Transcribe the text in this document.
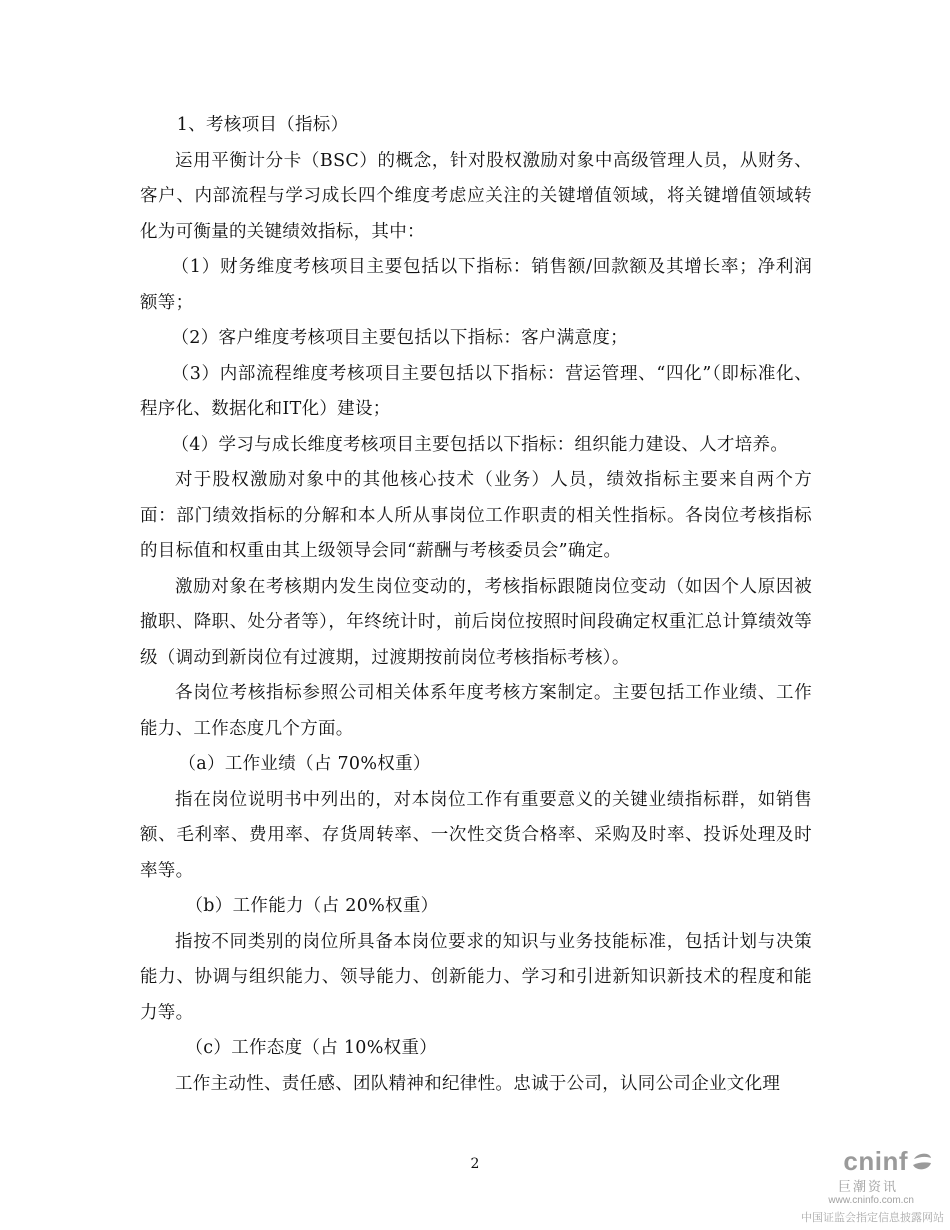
1、考核项目（指标）

运用平衡计分卡（BSC）的概念，针对股权激励对象中高级管理人员，从财务、客户、内部流程与学习成长四个维度考虑应关注的关键增值领域，将关键增值领域转化为可衡量的关键绩效指标，其中：

（1）财务维度考核项目主要包括以下指标：销售额/回款额及其增长率；净利润额等；

（2）客户维度考核项目主要包括以下指标：客户满意度；

（3）内部流程维度考核项目主要包括以下指标：营运管理、“四化”（即标准化、程序化、数据化和IT化）建设；

（4）学习与成长维度考核项目主要包括以下指标：组织能力建设、人才培养。

对于股权激励对象中的其他核心技术（业务）人员，绩效指标主要来自两个方面：部门绩效指标的分解和本人所从事岗位工作职责的相关性指标。各岗位考核指标的目标值和权重由其上级领导会同“薪酬与考核委员会”确定。

激励对象在考核期内发生岗位变动的，考核指标跟随岗位变动（如因个人原因被撤职、降职、处分者等），年终统计时，前后岗位按照时间段确定权重汇总计算绩效等级（调动到新岗位有过渡期，过渡期按前岗位考核指标考核）。

各岗位考核指标参照公司相关体系年度考核方案制定。主要包括工作业绩、工作能力、工作态度几个方面。

（a）工作业绩（占 70%权重）

指在岗位说明书中列出的，对本岗位工作有重要意义的关键业绩指标群，如销售额、毛利率、费用率、存货周转率、一次性交货合格率、采购及时率、投诉处理及时率等。

（b）工作能力（占 20%权重）

指按不同类别的岗位所具备本岗位要求的知识与业务技能标准，包括计划与决策能力、协调与组织能力、领导能力、创新能力、学习和引进新知识新技术的程度和能力等。

（c）工作态度（占 10%权重）

工作主动性、责任感、团队精神和纪律性。忠诚于公司，认同公司企业文化理

2	cninf
巨潮资讯
www.cninfo.com.cn
中国证监会指定信息披露网站
